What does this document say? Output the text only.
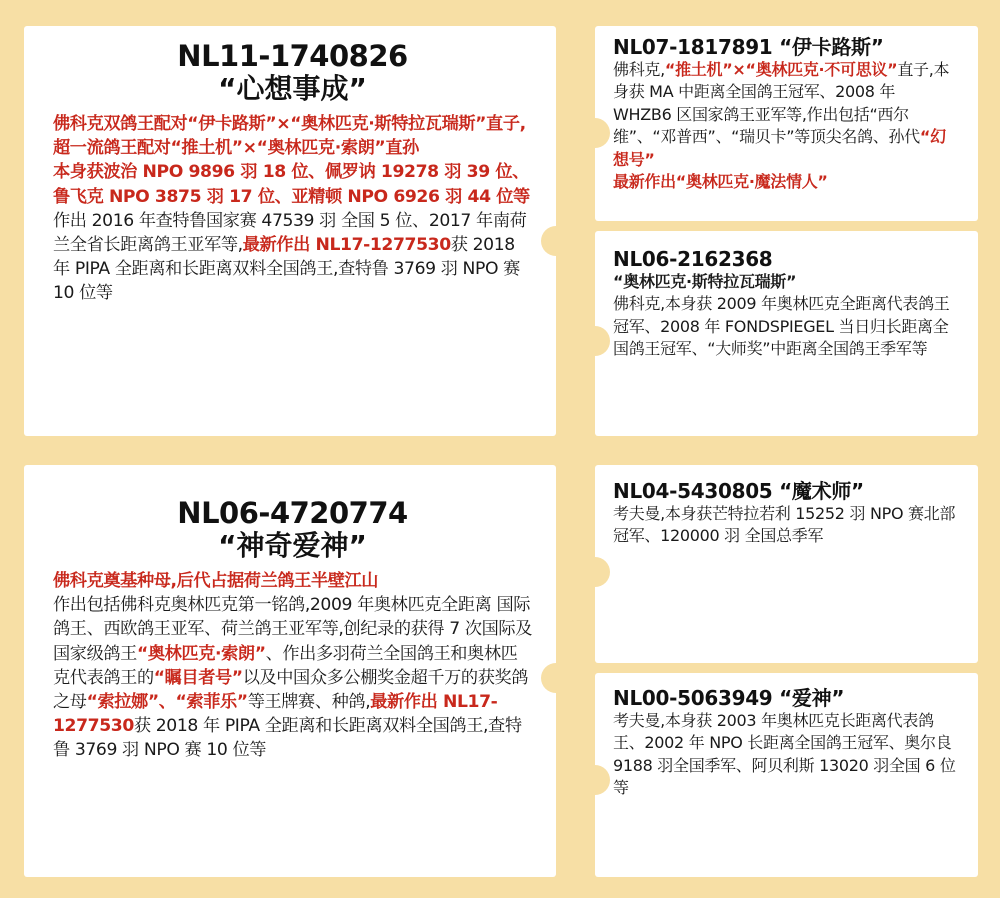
NL11-1740826
“心想事成”
佛科克双鸽王配对“伊卡路斯”×“奥林匹克·斯特拉瓦瑞斯”直子,超一流鸽王配对“推土机”×“奥林匹克·索朗”直孙
本身获波治 NPO 9896 羽 18 位、佩罗讷 19278 羽 39 位、鲁飞克 NPO 3875 羽 17 位、亚精顿 NPO 6926 羽 44 位等
作出 2016 年查特鲁国家赛 47539 羽 全国 5 位、2017 年南荷兰全省长距离鸽王亚军等,最新作出 NL17-1277530获 2018 年 PIPA 全距离和长距离双料全国鸽王,查特鲁 3769 羽 NPO 赛 10 位等
NL06-4720774
“神奇爱神”
佛科克奠基种母,后代占据荷兰鸽王半壁江山
作出包括佛科克奥林匹克第一铭鸽,2009 年奥林匹克全距离 国际鸽王、西欧鸽王亚军、荷兰鸽王亚军等,创纪录的获得 7 次国际及国家级鸽王“奥林匹克·索朗”、作出多羽荷兰全国鸽王和奥林匹克代表鸽王的“瞩目者号”以及中国众多公棚奖金超千万的获奖鸽之母“索拉娜”、“索菲乐”等王牌赛、种鸽,最新作出 NL17-1277530获 2018 年 PIPA 全距离和长距离双料全国鸽王,查特鲁 3769 羽 NPO 赛 10 位等
NL07-1817891 “伊卡路斯”
佛科克,“推土机”×“奥林匹克·不可思议”直子,本身获 MA 中距离全国鸽王冠军、2008 年 WHZB6 区国家鸽王亚军等,作出包括“西尔维”、“邓普西”、“瑞贝卡”等顶尖名鸽、孙代“幻想号”
最新作出“奥林匹克·魔法情人”
NL06-2162368
“奥林匹克·斯特拉瓦瑞斯”
佛科克,本身获 2009 年奥林匹克全距离代表鸽王冠军、2008 年 FONDSPIEGEL 当日归长距离全国鸽王冠军、“大师奖”中距离全国鸽王季军等
NL04-5430805 “魔术师”
考夫曼,本身获芒特拉若利 15252 羽 NPO 赛北部冠军、120000 羽 全国总季军
NL00-5063949 “爱神”
考夫曼,本身获 2003 年奥林匹克长距离代表鸽王、2002 年 NPO 长距离全国鸽王冠军、奥尔良 9188 羽全国季军、阿贝利斯 13020 羽全国 6 位等
